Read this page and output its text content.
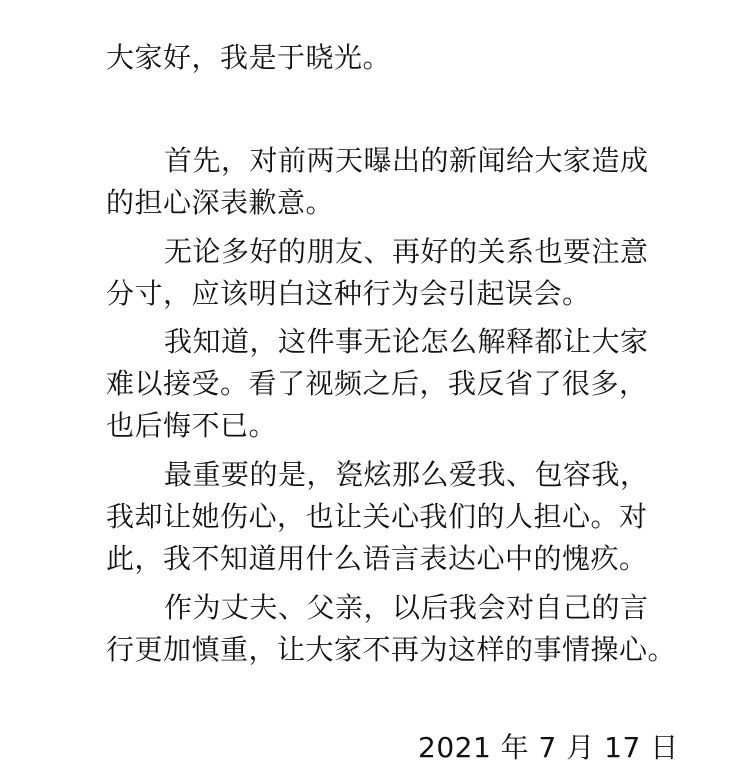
大家好，我是于晓光。
首先，对前两天曝出的新闻给大家造成
的担心深表歉意。
无论多好的朋友、再好的关系也要注意
分寸，应该明白这种行为会引起误会。
我知道，这件事无论怎么解释都让大家
难以接受。看了视频之后，我反省了很多，
也后悔不已。
最重要的是，瓷炫那么爱我、包容我，
我却让她伤心，也让关心我们的人担心。对
此，我不知道用什么语言表达心中的愧疚。
作为丈夫、父亲，以后我会对自己的言
行更加慎重，让大家不再为这样的事情操心。
2021 年 7 月 17 日
